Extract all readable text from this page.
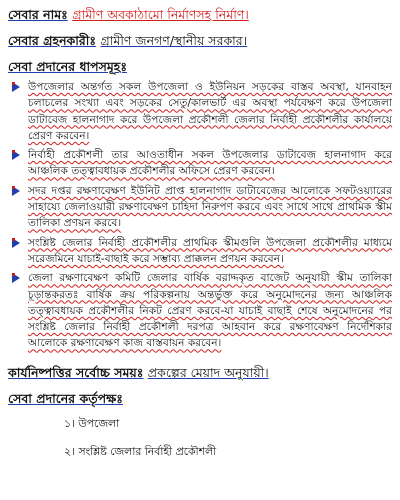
সেবার নামঃ গ্রামীণ অবকাঠামো নির্মাণসহ নির্মাণ।

সেবার গ্রহনকারীঃ গ্রামীণ জনগণ/স্থানীয় সরকার।

সেবা প্রদানের ধাপসমূহঃ

উপজেলার অন্তর্গত সকল উপজেলা ও ইউনিয়ন সড়কের বাস্তব অবস্থা, যানবাহন চলাচলের সংখ্যা এবং সড়কের সেতু/কালভার্ট এর অবস্থা পর্যবেক্ষণ করে উপজেলা ডাটাবেজ হালনাগাদ করে উপজেলা প্রকৌশলী জেলার নির্বাহী প্রকৌশলীর কার্যালয়ে প্রেরণ করবেন।
নির্বাহী প্রকৌশলী তার আওতাধীন সকল উপজেলার ডাটাবেজ হালনাগাদ করে আঞ্চলিক তত্ত্বাবধায়ক প্রকৌশলীর অফিসে প্রেরণ করবেন।
সদর দপ্তর রক্ষণাবেক্ষণ ইউনিট প্রাপ্ত হালনাগাদ ডাটাবেজের আলোকে সফটওয়্যারের সাহায্যে জেলাওয়ারী রক্ষণাবেক্ষণ চাহিদা নিরুপণ করবে এবং সাথে সাথে প্রাথমিক স্কীম তালিকা প্রণয়ন করবে।
সংশ্লিষ্ট জেলার নির্বাহী প্রকৌশলীর প্রাথমিক স্কীমগুলি উপজেলা প্রকৌশলীর মাধ্যমে সরেজমিনে যাচাই-বাছাই করে সম্ভাব্য প্রাক্কলন প্রণয়ন করবেন।
জেলা রক্ষণাবেক্ষণ কমিটি জেলার বার্ষিক বরাদ্দকৃত বাজেট অনুযায়ী স্কীম তালিকা চূড়ান্তকরতঃ বার্ষিক ক্রয় পরিকল্পনায় অন্তর্ভুক্ত করে অনুমোদনের জন্য আঞ্চলিক তত্ত্বাবধায়ক প্রকৌশলীর নিকট প্রেরণ করবে-যা যাচাই বাছাই শেষে অনুমোদনের পর সংশ্লিষ্ট জেলার নির্বাহী প্রকৌশলী দরপত্র আহবান করে রক্ষণাবেক্ষণ নির্দেশিকার আলোকে রক্ষণাবেক্ষণ কাজ বাস্তবায়ন করবেন।

কার্যনিষ্পত্তির সর্বোচ্চ সময়ঃ প্রকল্পের মেয়াদ অনুযায়ী।

সেবা প্রদানের কর্তৃপক্ষঃ

১। উপজেলা
২। সংশ্লিষ্ট জেলার নির্বাহী প্রকৌশলী
